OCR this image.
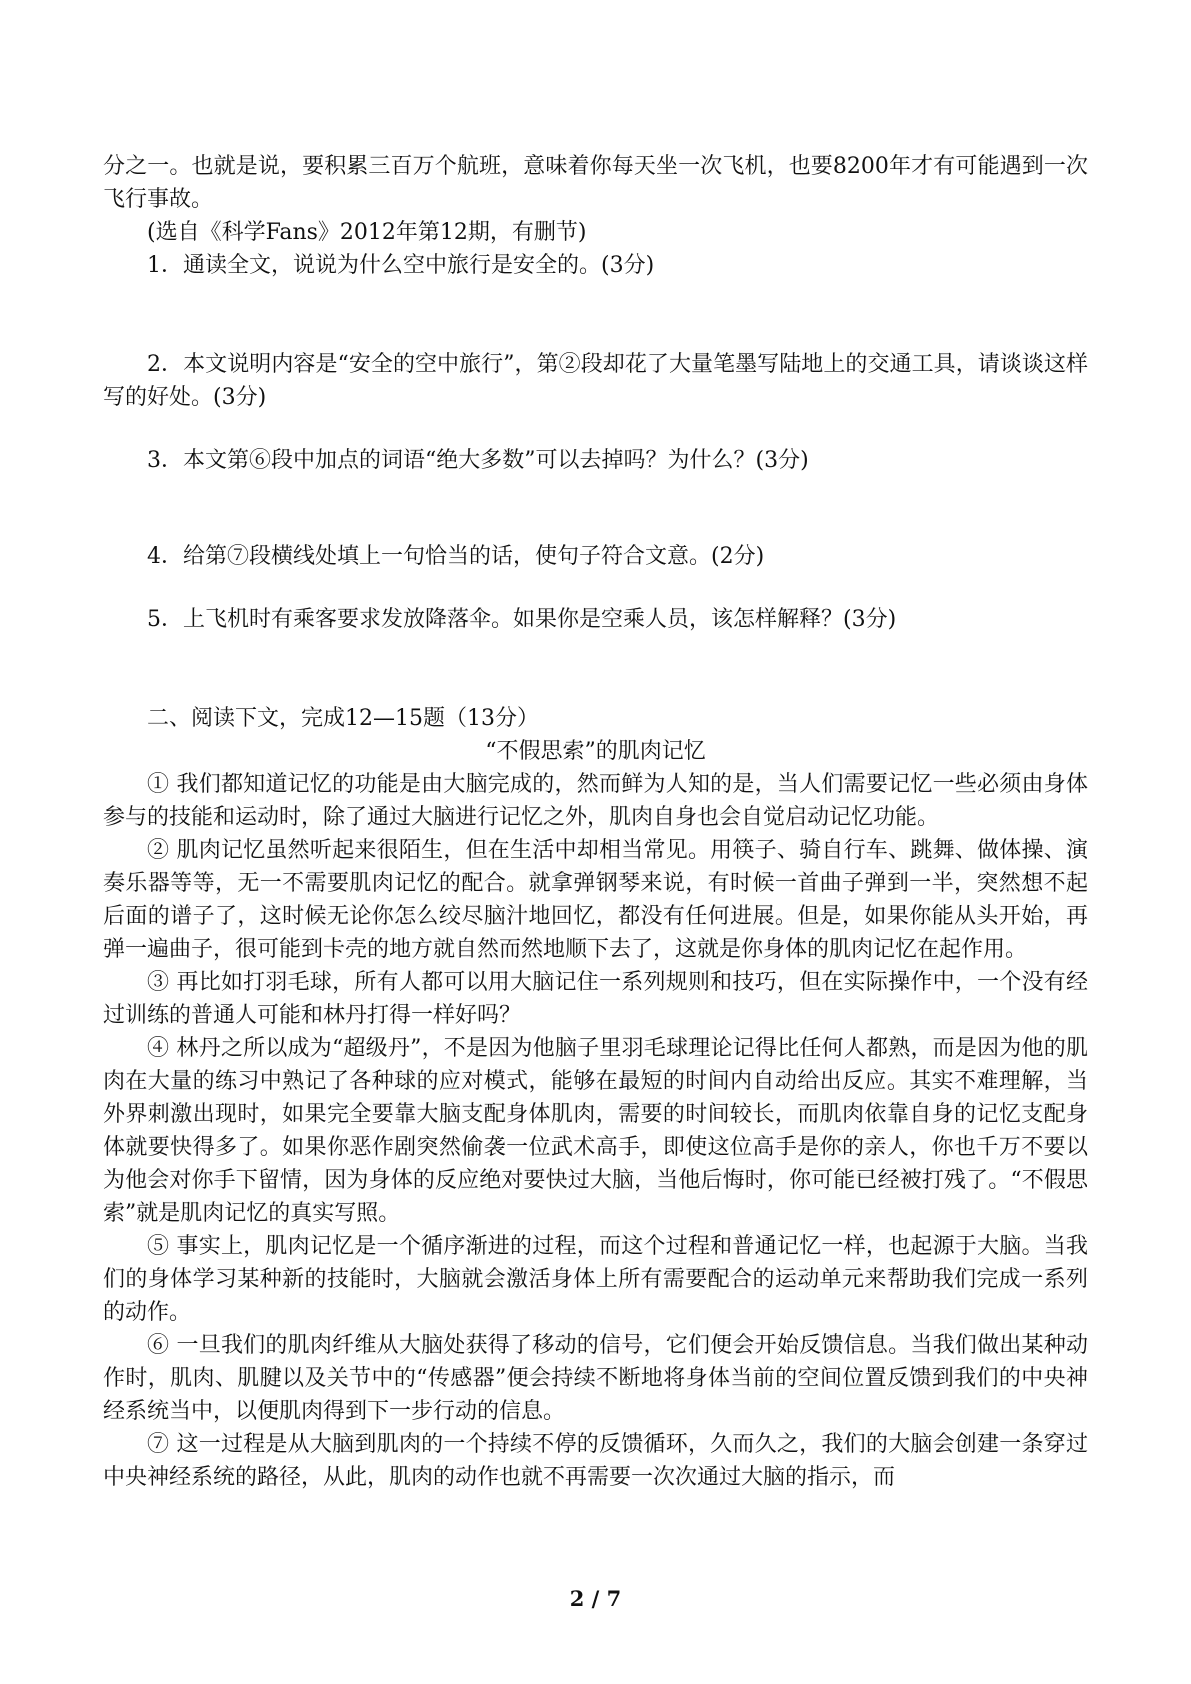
分之一。也就是说，要积累三百万个航班，意味着你每天坐一次飞机，也要8200年才有可能遇到一次飞行事故。

(选自《科学Fans》2012年第12期，有删节)

1．通读全文，说说为什么空中旅行是安全的。(3分)

2．本文说明内容是“安全的空中旅行”，第②段却花了大量笔墨写陆地上的交通工具，请谈谈这样写的好处。(3分)

3．本文第⑥段中加点的词语“绝大多数”可以去掉吗？为什么？(3分)

4．给第⑦段横线处填上一句恰当的话，使句子符合文意。(2分)

5．上飞机时有乘客要求发放降落伞。如果你是空乘人员，该怎样解释？(3分)

二、阅读下文，完成12—15题（13分）

“不假思索”的肌肉记忆

① 我们都知道记忆的功能是由大脑完成的，然而鲜为人知的是，当人们需要记忆一些必须由身体参与的技能和运动时，除了通过大脑进行记忆之外，肌肉自身也会自觉启动记忆功能。

② 肌肉记忆虽然听起来很陌生，但在生活中却相当常见。用筷子、骑自行车、跳舞、做体操、演奏乐器等等，无一不需要肌肉记忆的配合。就拿弹钢琴来说，有时候一首曲子弹到一半，突然想不起后面的谱子了，这时候无论你怎么绞尽脑汁地回忆，都没有任何进展。但是，如果你能从头开始，再弹一遍曲子，很可能到卡壳的地方就自然而然地顺下去了，这就是你身体的肌肉记忆在起作用。

③ 再比如打羽毛球，所有人都可以用大脑记住一系列规则和技巧，但在实际操作中，一个没有经过训练的普通人可能和林丹打得一样好吗？

④ 林丹之所以成为“超级丹”，不是因为他脑子里羽毛球理论记得比任何人都熟，而是因为他的肌肉在大量的练习中熟记了各种球的应对模式，能够在最短的时间内自动给出反应。其实不难理解，当外界刺激出现时，如果完全要靠大脑支配身体肌肉，需要的时间较长，而肌肉依靠自身的记忆支配身体就要快得多了。如果你恶作剧突然偷袭一位武术高手，即使这位高手是你的亲人，你也千万不要以为他会对你手下留情，因为身体的反应绝对要快过大脑，当他后悔时，你可能已经被打残了。“不假思索”就是肌肉记忆的真实写照。

⑤ 事实上，肌肉记忆是一个循序渐进的过程，而这个过程和普通记忆一样，也起源于大脑。当我们的身体学习某种新的技能时，大脑就会激活身体上所有需要配合的运动单元来帮助我们完成一系列的动作。

⑥ 一旦我们的肌肉纤维从大脑处获得了移动的信号，它们便会开始反馈信息。当我们做出某种动作时，肌肉、肌腱以及关节中的“传感器”便会持续不断地将身体当前的空间位置反馈到我们的中央神经系统当中，以便肌肉得到下一步行动的信息。

⑦ 这一过程是从大脑到肌肉的一个持续不停的反馈循环，久而久之，我们的大脑会创建一条穿过中央神经系统的路径，从此，肌肉的动作也就不再需要一次次通过大脑的指示，而

2 / 7
